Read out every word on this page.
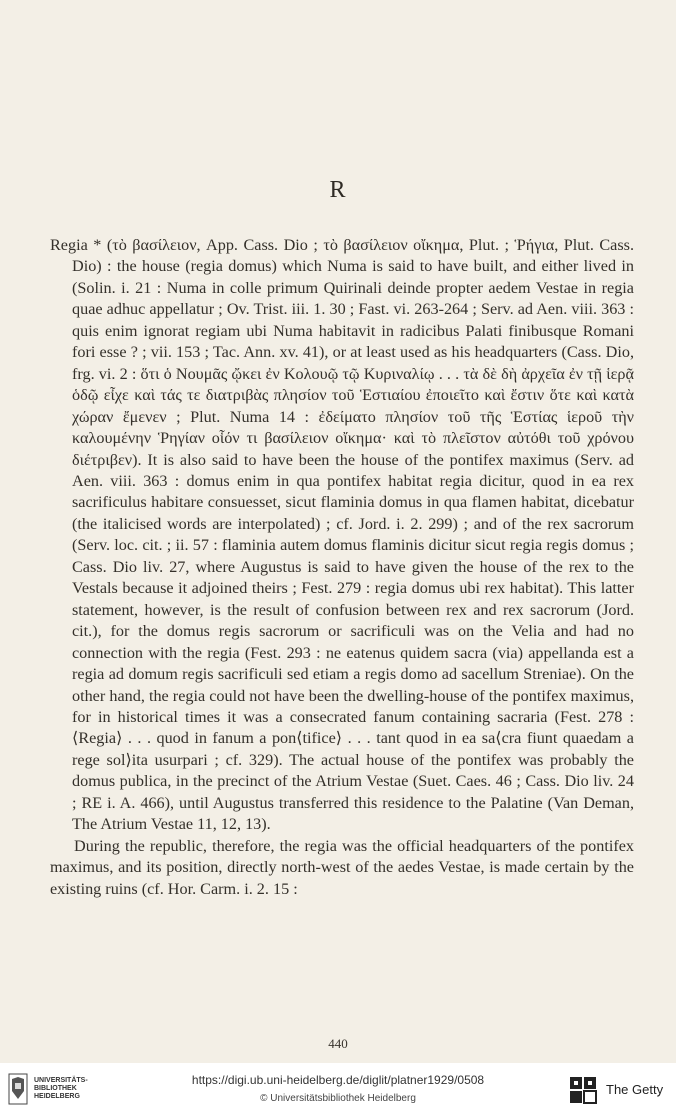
R

Regia * (τὸ βασίλειον, App. Cass. Dio ; τὸ βασίλειον οἴκημα, Plut. ; Ῥήγια, Plut. Cass. Dio) : the house (regia domus) which Numa is said to have built, and either lived in (Solin. i. 21 : Numa in colle primum Quirinali deinde propter aedem Vestae in regia quae adhuc appellatur ; Ov. Trist. iii. 1. 30 ; Fast. vi. 263-264 ; Serv. ad Aen. viii. 363 : quis enim ignorat regiam ubi Numa habitavit in radicibus Palati finibusque Romani fori esse ? ; vii. 153 ; Tac. Ann. xv. 41), or at least used as his headquarters (Cass. Dio, frg. vi. 2 : ὅτι ὁ Νουμᾶς ᾤκει ἐν Κολουῷ τῷ Κυριναλίῳ . . . τὰ δὲ δὴ ἀρχεῖα ἐν τῇ ἱερᾷ ὁδῷ εἶχε καὶ τάς τε διατριβὰς πλησίον τοῦ Ἑστιαίου ἐποιεῖτο καὶ ἔστιν ὅτε καὶ κατὰ χώραν ἔμενεν ; Plut. Numa 14 : ἐδείματο πλησίον τοῦ τῆς Ἑστίας ἱεροῦ τὴν καλουμένην Ῥηγίαν οἷόν τι βασίλειον οἴκημα· καὶ τὸ πλεῖστον αὐτόθι τοῦ χρόνου διέτριβεν). It is also said to have been the house of the pontifex maximus (Serv. ad Aen. viii. 363 : domus enim in qua pontifex habitat regia dicitur, quod in ea rex sacrificulus habitare consuesset, sicut flaminia domus in qua flamen habitat, dicebatur (the italicised words are interpolated) ; cf. Jord. i. 2. 299) ; and of the rex sacrorum (Serv. loc. cit. ; ii. 57 : flaminia autem domus flaminis dicitur sicut regia regis domus ; Cass. Dio liv. 27, where Augustus is said to have given the house of the rex to the Vestals because it adjoined theirs ; Fest. 279 : regia domus ubi rex habitat). This latter statement, however, is the result of confusion between rex and rex sacrorum (Jord. cit.), for the domus regis sacrorum or sacrificuli was on the Velia and had no connection with the regia (Fest. 293 : ne eatenus quidem sacra (via) appellanda est a regia ad domum regis sacrificuli sed etiam a regis domo ad sacellum Streniae). On the other hand, the regia could not have been the dwelling-house of the pontifex maximus, for in historical times it was a consecrated fanum containing sacraria (Fest. 278 : ⟨Regia⟩ . . . quod in fanum a pon⟨tifice⟩ . . . tant quod in ea sa⟨cra fiunt quaedam a rege sol⟩ita usurpari ; cf. 329). The actual house of the pontifex was probably the domus publica, in the precinct of the Atrium Vestae (Suet. Caes. 46 ; Cass. Dio liv. 24 ; RE i. A. 466), until Augustus transferred this residence to the Palatine (Van Deman, The Atrium Vestae 11, 12, 13).

During the republic, therefore, the regia was the official headquarters of the pontifex maximus, and its position, directly north-west of the aedes Vestae, is made certain by the existing ruins (cf. Hor. Carm. i. 2. 15 :

440
UNIVERSITÄTS-
BIBLIOTHEK
HEIDELBERG
https://digi.ub.uni-heidelberg.de/diglit/platner1929/0508
© Universitätsbibliothek Heidelberg
The Getty
